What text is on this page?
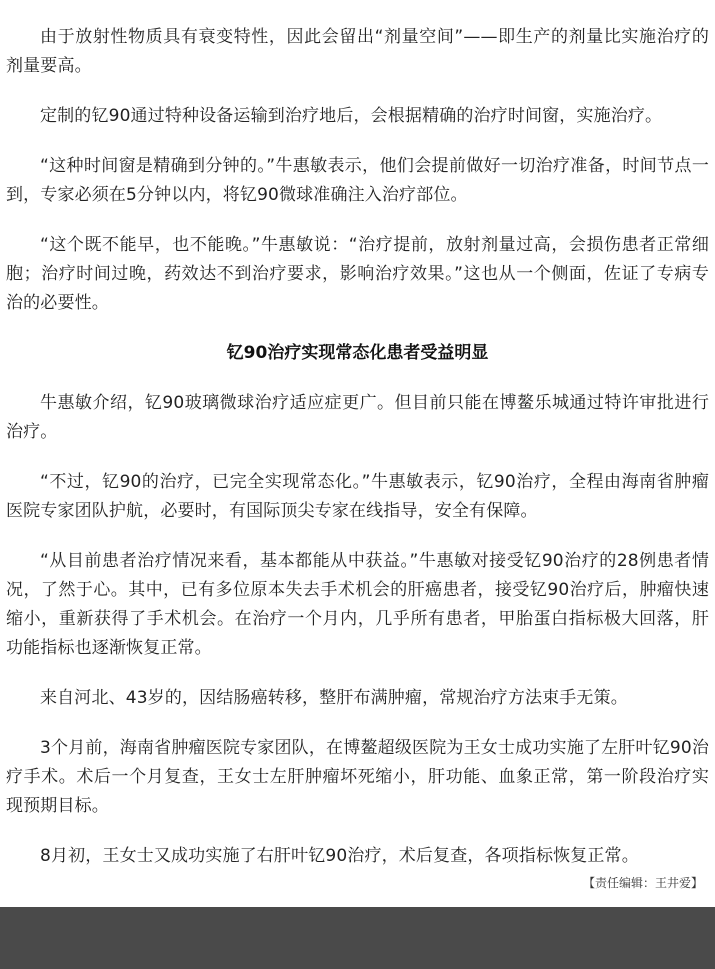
由于放射性物质具有衰变特性，因此会留出“剂量空间”——即生产的剂量比实施治疗的剂量要高。

定制的钇90通过特种设备运输到治疗地后，会根据精确的治疗时间窗，实施治疗。

“这种时间窗是精确到分钟的。”牛惠敏表示，他们会提前做好一切治疗准备，时间节点一到，专家必须在5分钟以内，将钇90微球准确注入治疗部位。

“这个既不能早，也不能晚。”牛惠敏说：“治疗提前，放射剂量过高，会损伤患者正常细胞；治疗时间过晚，药效达不到治疗要求，影响治疗效果。”这也从一个侧面，佐证了专病专治的必要性。

钇90治疗实现常态化患者受益明显

牛惠敏介绍，钇90玻璃微球治疗适应症更广。但目前只能在博鳌乐城通过特许审批进行治疗。

“不过，钇90的治疗，已完全实现常态化。”牛惠敏表示，钇90治疗，全程由海南省肿瘤医院专家团队护航，必要时，有国际顶尖专家在线指导，安全有保障。

“从目前患者治疗情况来看，基本都能从中获益。”牛惠敏对接受钇90治疗的28例患者情况，了然于心。其中，已有多位原本失去手术机会的肝癌患者，接受钇90治疗后，肿瘤快速缩小，重新获得了手术机会。在治疗一个月内，几乎所有患者，甲胎蛋白指标极大回落，肝功能指标也逐渐恢复正常。

来自河北、43岁的，因结肠癌转移，整肝布满肿瘤，常规治疗方法束手无策。

3个月前，海南省肿瘤医院专家团队，在博鳌超级医院为王女士成功实施了左肝叶钇90治疗手术。术后一个月复查，王女士左肝肿瘤坏死缩小，肝功能、血象正常，第一阶段治疗实现预期目标。

8月初，王女士又成功实施了右肝叶钇90治疗，术后复查，各项指标恢复正常。

【责任编辑：王井爱】
